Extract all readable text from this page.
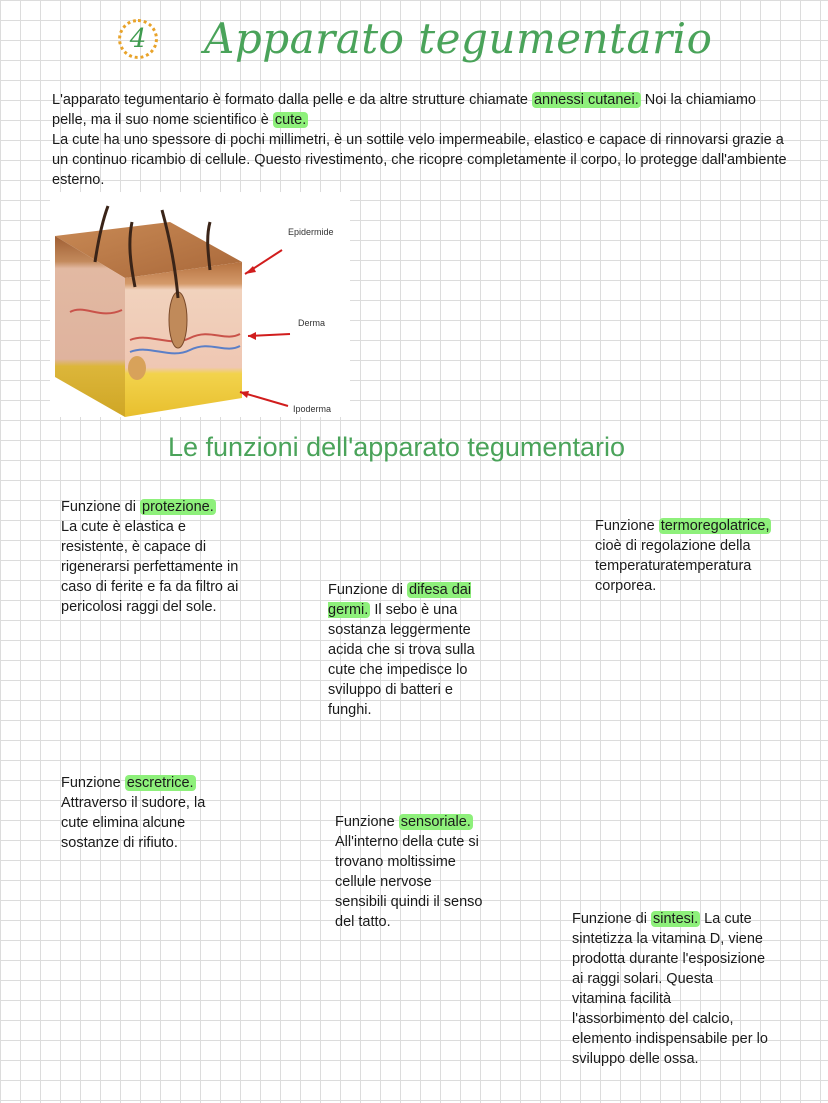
4 Apparato tegumentario

L'apparato tegumentario è formato dalla pelle e da altre strutture chiamate annessi cutanei. Noi la chiamiamo pelle, ma il suo nome scientifico è cute.

La cute ha uno spessore di pochi millimetri, è un sottile velo impermeabile, elastico e capace di rinnovarsi grazie a un continuo ricambio di cellule. Questo rivestimento, che ricopre completamente il corpo, lo protegge dall'ambiente esterno.

Epidermide
Derma
Ipoderma
Le funzioni dell'apparato tegumentario

Funzione di protezione.

La cute è elastica e resistente, è capace di rigenerarsi perfettamente in caso di ferite e fa da filtro ai pericolosi raggi del sole.

Funzione di difesa dai germi. Il sebo è una sostanza leggermente acida che si trova sulla cute che impedisce lo sviluppo di batteri e funghi.

Funzione termoregolatrice, cioè di regolazione della temperaturatemperatura corporea.

Funzione escretrice.

Attraverso il sudore, la cute elimina alcune sostanze di rifiuto.

Funzione sensoriale.

All'interno della cute si trovano moltissime cellule nervose sensibili quindi il senso del tatto.	Funzione di sintesi. La cute sintetizza la vitamina D, viene prodotta durante l'esposizione ai raggi solari. Questa vitamina facilità l'assorbimento del calcio, elemento indispensabile per lo sviluppo delle ossa.
